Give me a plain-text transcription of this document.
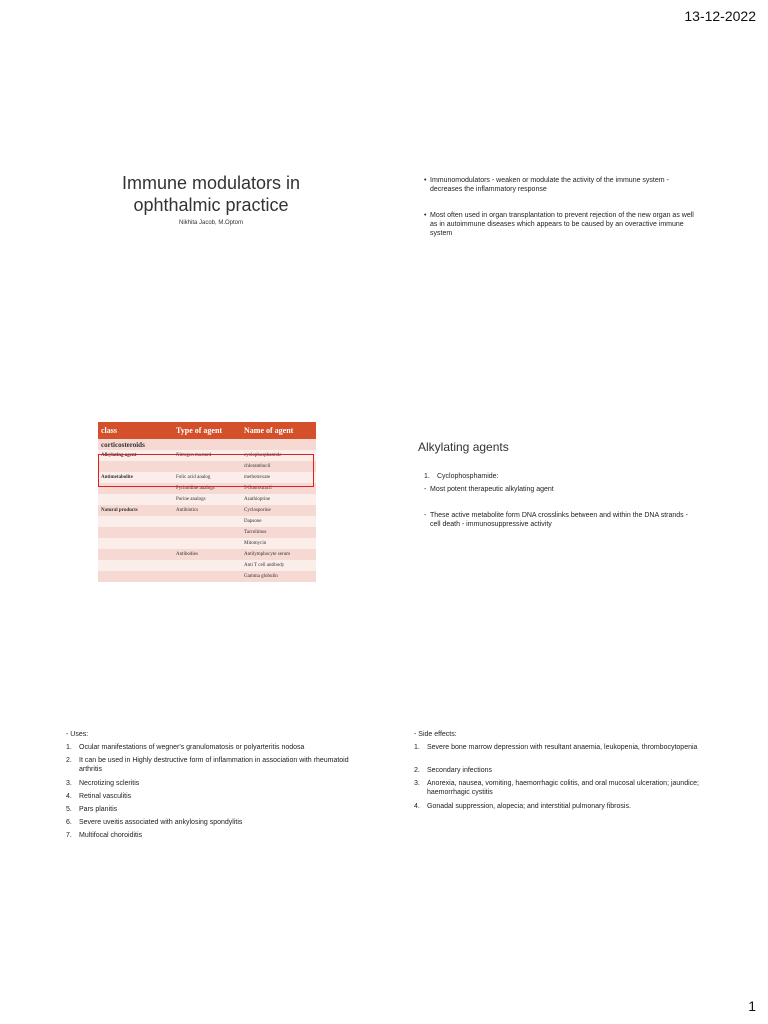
13-12-2022
Immune modulators in
ophthalmic practice
Nikhita Jacob, M.Optom
• Immunomodulators - weaken or modulate the activity of the immune system - decreases the inflammatory response
• Most often used in organ transplantation to prevent rejection of the new organ as well as in autoimmune diseases which appears to be caused by an overactive immune system
class	Type of agent	Name of agent
corticosteroids		
Alkylating agent	Nitrogen mustard	cyclophosphamide
		chlorambucil
Antimetabolite	Folic acid analog	methotrexate
	Pyrimidine analogs	5-fluorouracil
	Purine analogs	Azathioprine
Natural products	Antibiotics	Cyclosporine
		Dapsone
		Tacrolimus
		Mitomycin
	Antibodies	Antilymphocyte serum
		Anti T cell antibody
		Gamma globulin
Alkylating agents
1.	Cyclophosphamide:
- Most potent therapeutic alkylating agent
- These active metabolite form DNA crosslinks between and within the DNA strands - cell death - immunosuppressive activity
- Uses:
1.	Ocular manifestations of wegner's granulomatosis or polyarteritis nodosa
2.	It can be used in Highly destructive form of inflammation in association with rheumatoid arthritis
3.	Necrotizing scleritis
4.	Retinal vasculitis
5.	Pars planitis
6.	Severe uveitis associated with ankylosing spondylitis
7.	Multifocal choroiditis
- Side effects:
1.	Severe bone marrow depression with resultant anaemia, leukopenia, thrombocytopenia
2.	Secondary infections
3.	Anorexia, nausea, vomiting, haemorrhagic colitis, and oral mucosal ulceration; jaundice; haemorrhagic cystitis
4.	Gonadal suppression, alopecia; and interstitial pulmonary fibrosis.
1
